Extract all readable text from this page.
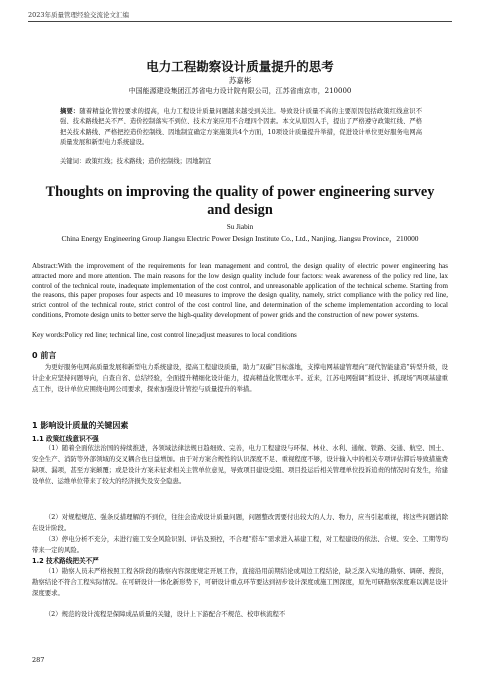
2023年质量管理经验交流论文汇编
电力工程勘察设计质量提升的思考
苏嘉彬
中国能源建设集团江苏省电力设计院有限公司，江苏省南京市，210000
摘要：随着精益化管控要求的提高，电力工程设计质量问题越来越受到关注。导致设计质量不高的主要原因包括政策红线意识不强、技术路线把关不严、造价控制落实不到位、技术方案应用不合理四个因素。本文从原因入手，提出了严格遵守政策红线、严格把关技术路线、严格把控造价控制线、因地制宜确定方案施策共4个方面，10项设计质量提升举措，促进设计单位更好服务电网高质量发展和新型电力系统建设。
关键词：政策红线；技术路线；造价控制线；因地制宜
Thoughts on improving the quality of power engineering survey and design
Su Jiabin
China Energy Engineering Group Jiangsu Electric Power Design Institute Co., Ltd., Nanjing, Jiangsu Province，210000
Abstract:With the improvement of the requirements for lean management and control, the design quality of electric power engineering has attracted more and more attention. The main reasons for the low design quality include four factors: weak awareness of the policy red line, lax control of the technical route, inadequate implementation of the cost control, and unreasonable application of the technical scheme. Starting from the reasons, this paper proposes four aspects and 10 measures to improve the design quality, namely, strict compliance with the policy red line, strict control of the technical route, strict control of the cost control line, and determination of the scheme implementation according to local conditions, Promote design units to better serve the high-quality development of power grids and the construction of new power systems.
Key words:Policy red line; technical line, cost control line;adjust measures to local conditions
0 前言
为更好服务电网高质量发展和新型电力系统建设，提高工程建设质量，助力“双碳”目标落地，支撑电网基建管理向“现代智能建造”转型升级，设计企业应坚持问题导向，自查自省、总结经验，全面提升精细化设计能力，提高精益化管理水平。近来，江苏电网强调“抓设计、抓现场”两项基建重点工作，设计单位应围绕电网公司要求，探索加强设计管控与质量提升的举措。
1 影响设计质量的关键因素
1.1 政策红线意识不强
（1）随着全面依法治国的持续推进，各领域法律法规日趋细致、完善，电力工程建设与环保、林业、水利、通航、铁路、交通、航空、国土、安全生产、消防等外部领域的交叉耦合也日益增加。由于对方案合规性的认识深度不足、重视程度不够，设计输入中的相关专项评估滞后导致措施费缺项、漏项，甚至方案颠覆；或是设计方案未征求相关主管单位意见，导致项目建设受阻、项目投运后相关管理单位投诉追责的情况时有发生，给建设单位、运维单位带来了较大的经济损失及安全隐患。
（2）对规程规范、强条反措理解的不到位，往往会造成设计质量问题，问题整改需要付出较大的人力、物力，应当引起重视，将这些问题消除在设计阶段。
（3）停电分析不充分，未进行施工安全风险识别、评估及预控，不合理“搭车”需求进入基建工程，对工程建设的依法、合规、安全、工期等均带来一定的风险。
1.2 技术路线把关不严
（1）勘察人员未严格按照工程各阶段的勘察内容深度规定开展工作，直接沿用前期结论或周边工程结论，缺乏深入实地的勘察、调研、搜资，勘察结论不符合工程实际情况。在可研设计一体化新形势下，可研设计重点环节要达到初步设计深度或施工图深度，原先可研勘察深度难以满足设计深度要求。
（2）规范的设计流程是保障成品质量的关键，设计上下游配合不规范、校审核流程不
287
